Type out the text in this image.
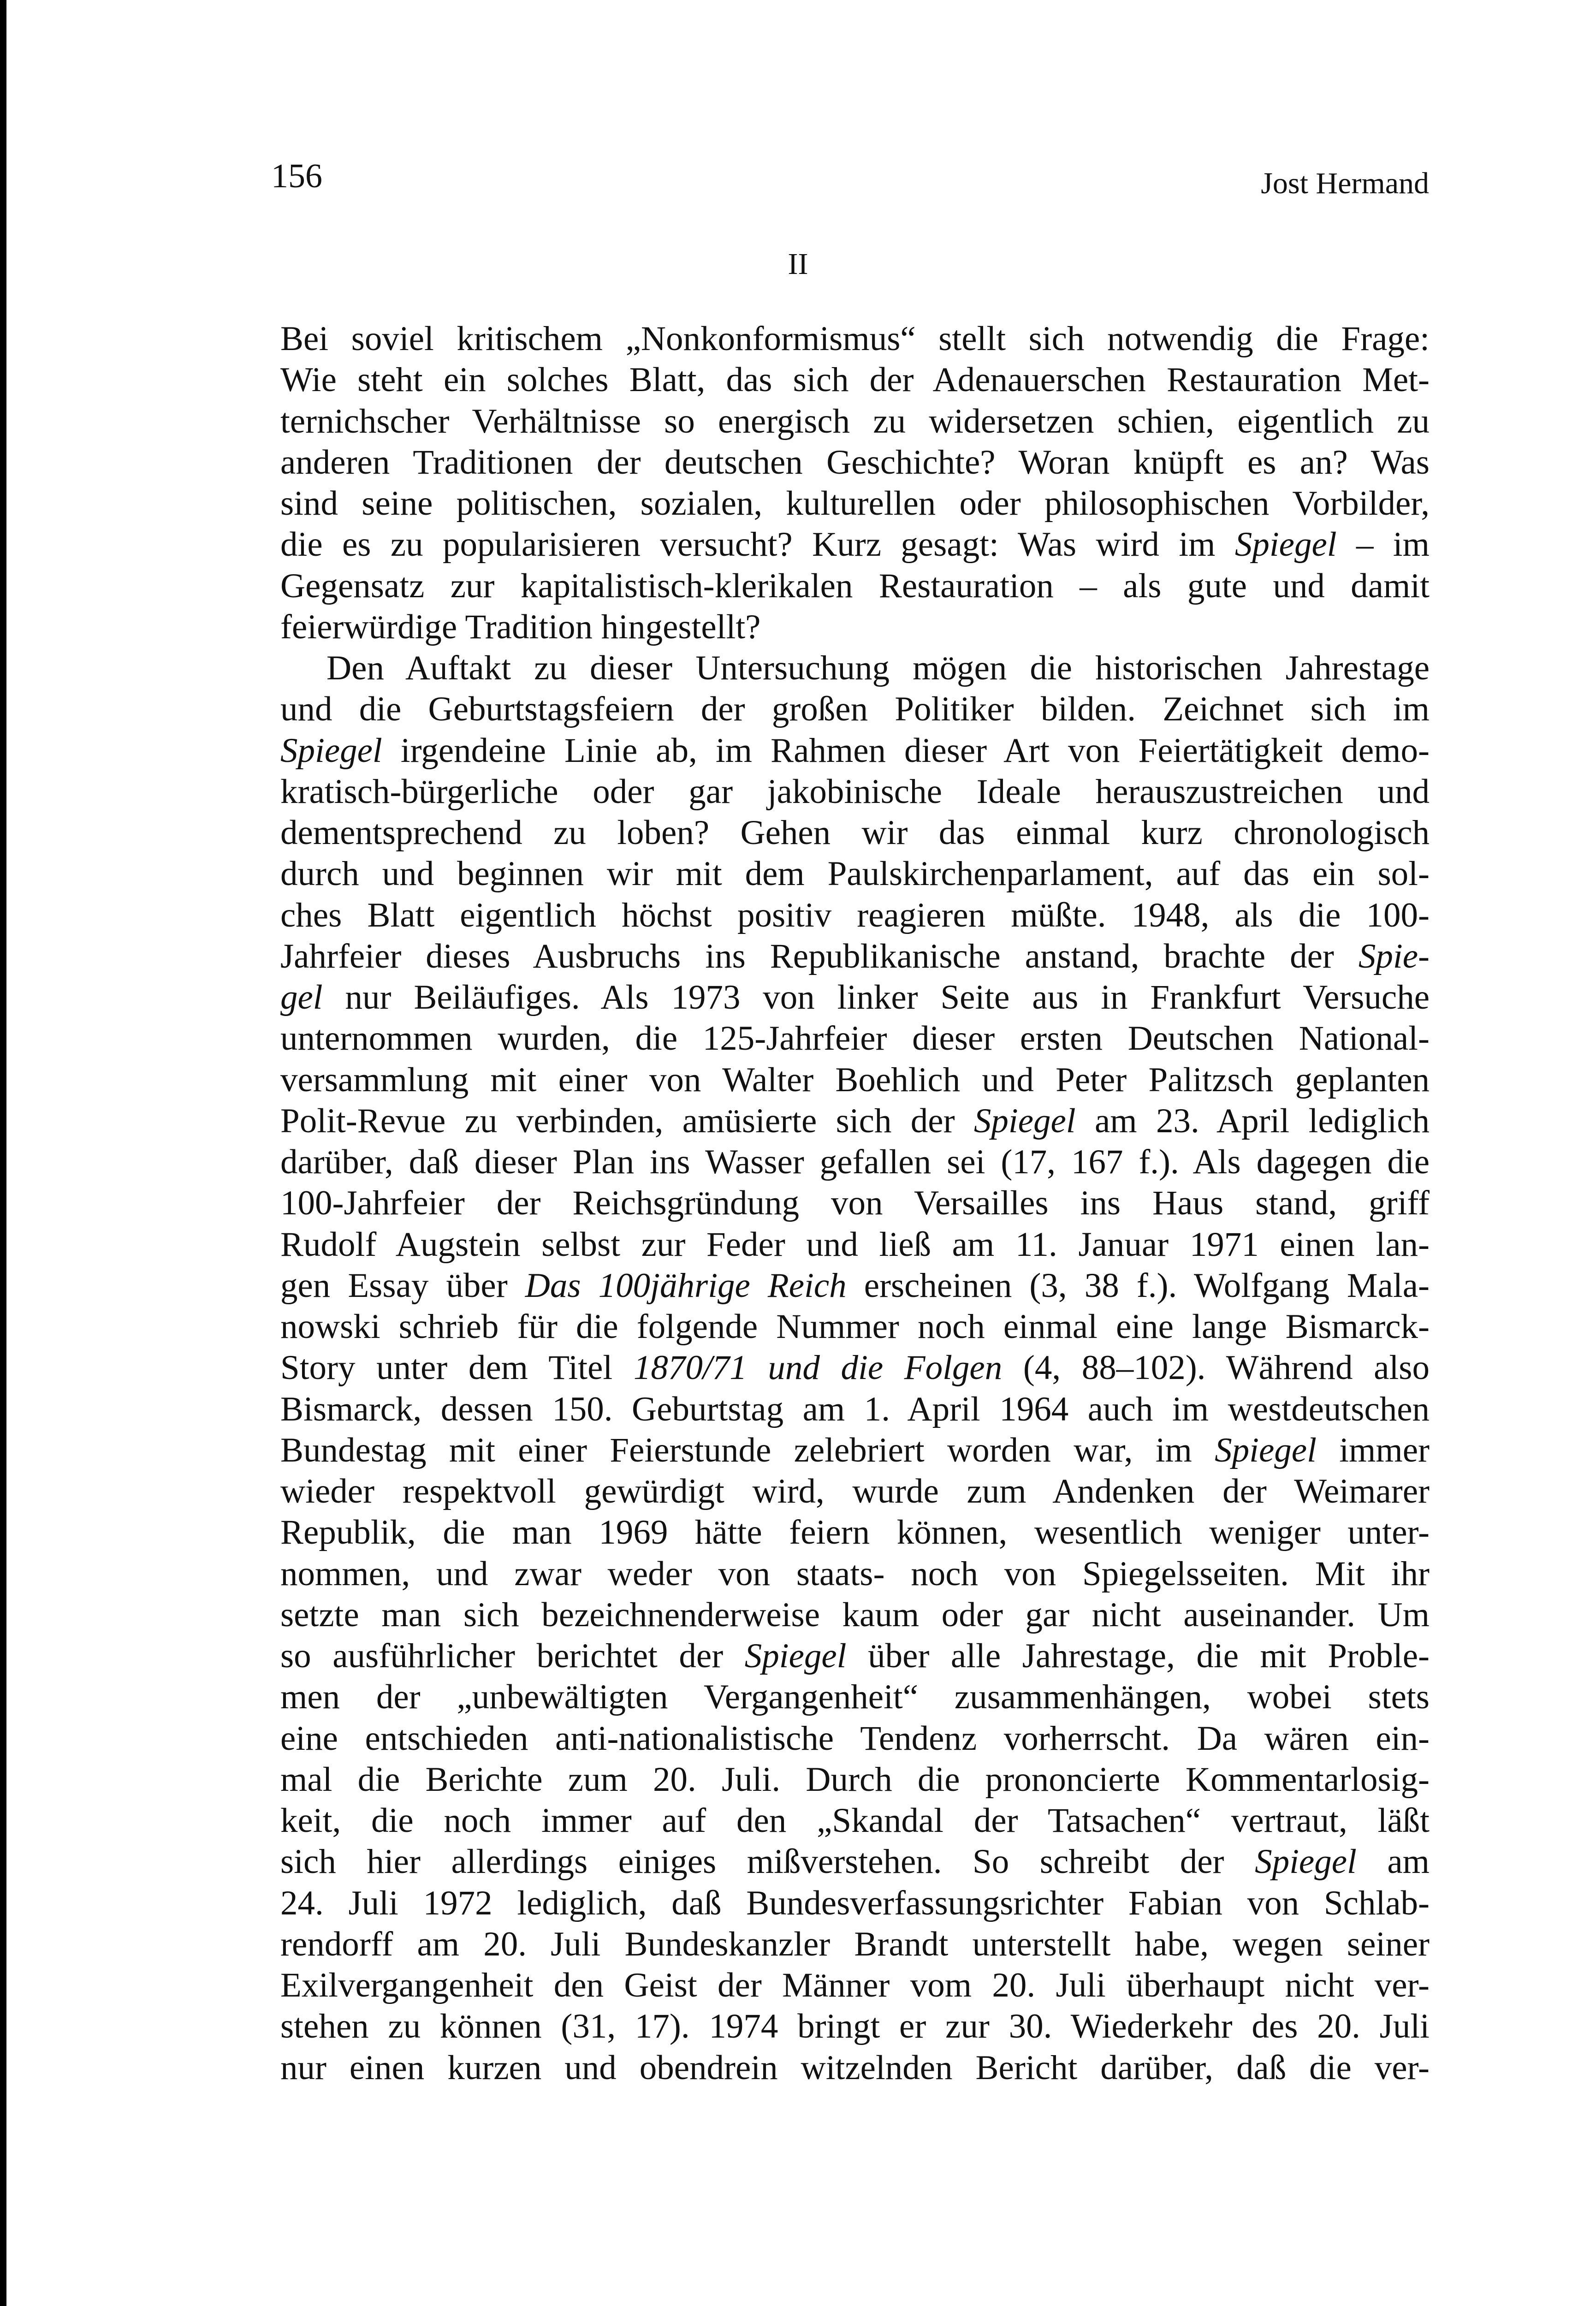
156	Jost Hermand
II
Bei soviel kritischem „Nonkonformismus“ stellt sich notwendig die Frage:
Wie steht ein solches Blatt, das sich der Adenauerschen Restauration Met-
ternichscher Verhältnisse so energisch zu widersetzen schien, eigentlich zu
anderen Traditionen der deutschen Geschichte? Woran knüpft es an? Was
sind seine politischen, sozialen, kulturellen oder philosophischen Vorbilder,
die es zu popularisieren versucht? Kurz gesagt: Was wird im Spiegel – im
Gegensatz zur kapitalistisch-klerikalen Restauration – als gute und damit
feierwürdige Tradition hingestellt?
Den Auftakt zu dieser Untersuchung mögen die historischen Jahrestage
und die Geburtstagsfeiern der großen Politiker bilden. Zeichnet sich im
Spiegel irgendeine Linie ab, im Rahmen dieser Art von Feiertätigkeit demo-
kratisch-bürgerliche oder gar jakobinische Ideale herauszustreichen und
dementsprechend zu loben? Gehen wir das einmal kurz chronologisch
durch und beginnen wir mit dem Paulskirchenparlament, auf das ein sol-
ches Blatt eigentlich höchst positiv reagieren müßte. 1948, als die 100-
Jahrfeier dieses Ausbruchs ins Republikanische anstand, brachte der Spie-
gel nur Beiläufiges. Als 1973 von linker Seite aus in Frankfurt Versuche
unternommen wurden, die 125-Jahrfeier dieser ersten Deutschen National-
versammlung mit einer von Walter Boehlich und Peter Palitzsch geplanten
Polit-Revue zu verbinden, amüsierte sich der Spiegel am 23. April lediglich
darüber, daß dieser Plan ins Wasser gefallen sei (17, 167 f.). Als dagegen die
100-Jahrfeier der Reichsgründung von Versailles ins Haus stand, griff
Rudolf Augstein selbst zur Feder und ließ am 11. Januar 1971 einen lan-
gen Essay über Das 100jährige Reich erscheinen (3, 38 f.). Wolfgang Mala-
nowski schrieb für die folgende Nummer noch einmal eine lange Bismarck-
Story unter dem Titel 1870/71 und die Folgen (4, 88–102). Während also
Bismarck, dessen 150. Geburtstag am 1. April 1964 auch im westdeutschen
Bundestag mit einer Feierstunde zelebriert worden war, im Spiegel immer
wieder respektvoll gewürdigt wird, wurde zum Andenken der Weimarer
Republik, die man 1969 hätte feiern können, wesentlich weniger unter-
nommen, und zwar weder von staats- noch von Spiegelsseiten. Mit ihr
setzte man sich bezeichnenderweise kaum oder gar nicht auseinander. Um
so ausführlicher berichtet der Spiegel über alle Jahrestage, die mit Proble-
men der „unbewältigten Vergangenheit“ zusammenhängen, wobei stets
eine entschieden anti-nationalistische Tendenz vorherrscht. Da wären ein-
mal die Berichte zum 20. Juli. Durch die prononcierte Kommentarlosig-
keit, die noch immer auf den „Skandal der Tatsachen“ vertraut, läßt
sich hier allerdings einiges mißverstehen. So schreibt der Spiegel am
24. Juli 1972 lediglich, daß Bundesverfassungsrichter Fabian von Schlab-
rendorff am 20. Juli Bundeskanzler Brandt unterstellt habe, wegen seiner
Exilvergangenheit den Geist der Männer vom 20. Juli überhaupt nicht ver-
stehen zu können (31, 17). 1974 bringt er zur 30. Wiederkehr des 20. Juli
nur einen kurzen und obendrein witzelnden Bericht darüber, daß die ver-
